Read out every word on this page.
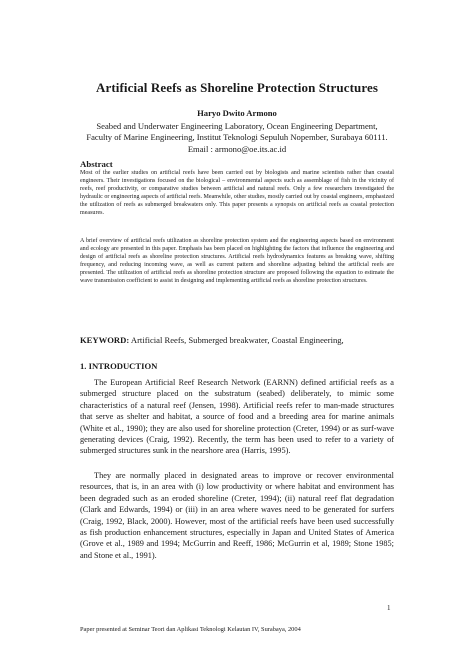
Artificial Reefs as Shoreline Protection Structures
Haryo Dwito Armono
Seabed and Underwater Engineering Laboratory, Ocean Engineering Department,
Faculty of Marine Engineering, Institut Teknologi Sepuluh Nopember, Surabaya 60111.
Email : armono@oe.its.ac.id
Abstract
Most of the earlier studies on artificial reefs have been carried out by biologists and marine scientists rather than coastal engineers. Their investigations focused on the biological – environmental aspects such as assemblage of fish in the vicinity of reefs, reef productivity, or comparative studies between artificial and natural reefs. Only a few researchers investigated the hydraulic or engineering aspects of artificial reefs. Meanwhile, other studies, mostly carried out by coastal engineers, emphasized the utilization of reefs as submerged breakwaters only. This paper presents a synopsis on artificial reefs as coastal protection measures.
A brief overview of artificial reefs utilization as shoreline protection system and the engineering aspects based on environment and ecology are presented in this paper. Emphasis has been placed on highlighting the factors that influence the engineering and design of artificial reefs as shoreline protection structures. Artificial reefs hydrodynamics features as breaking wave, shifting frequency, and reducing incoming wave, as well as current pattern and shoreline adjusting behind the artificial reefs are presented. The utilization of artificial reefs as shoreline protection structure are proposed following the equation to estimate the wave transmission coefficient to assist in designing and implementing artificial reefs as shoreline protection structures.
KEYWORD: Artificial Reefs, Submerged breakwater, Coastal Engineering,
1. INTRODUCTION
The European Artificial Reef Research Network (EARNN) defined artificial reefs as a submerged structure placed on the substratum (seabed) deliberately, to mimic some characteristics of a natural reef (Jensen, 1998). Artificial reefs refer to man-made structures that serve as shelter and habitat, a source of food and a breeding area for marine animals (White et al., 1990); they are also used for shoreline protection (Creter, 1994) or as surf-wave generating devices (Craig, 1992). Recently, the term has been used to refer to a variety of submerged structures sunk in the nearshore area (Harris, 1995).
They are normally placed in designated areas to improve or recover environmental resources, that is, in an area with (i) low productivity or where habitat and environment has been degraded such as an eroded shoreline (Creter, 1994); (ii) natural reef flat degradation (Clark and Edwards, 1994) or (iii) in an area where waves need to be generated for surfers (Craig, 1992, Black, 2000). However, most of the artificial reefs have been used successfully as fish production enhancement structures, especially in Japan and United States of America (Grove et al., 1989 and 1994; McGurrin and Reeff, 1986; McGurrin et al, 1989; Stone 1985; and Stone et al., 1991).
1
Paper presented at Seminar Teori dan Aplikasi Teknologi Kelautan IV, Surabaya, 2004
